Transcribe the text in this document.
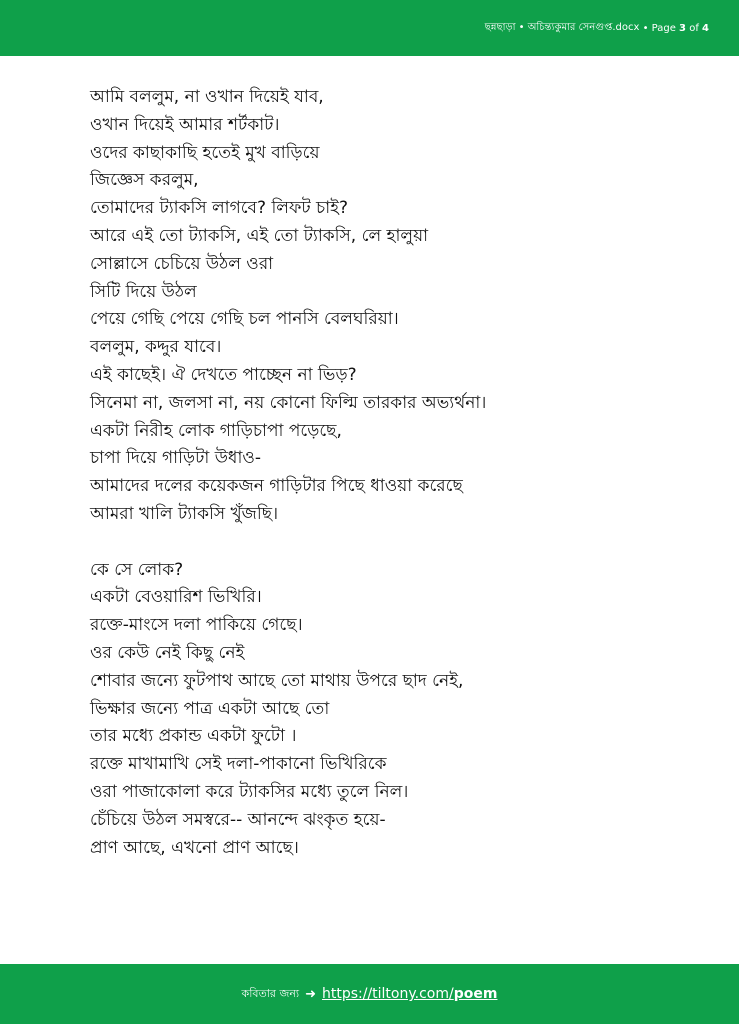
ছন্নছাড়া • অচিন্ত্যকুমার সেনগুপ্ত.docx
• Page
3
of
4
আমি বললুম, না ওখান দিয়েই যাব,
ওখান দিয়েই আমার শর্টকাট।
ওদের কাছাকাছি হতেই মুখ বাড়িয়ে
জিজ্ঞেস করলুম,
তোমাদের ট্যাকসি লাগবে? লিফট চাই?
আরে এই তো ট্যাকসি, এই তো ট্যাকসি, লে হালুয়া
সোল্লাসে চেচিয়ে উঠল ওরা
সিটি দিয়ে উঠল
পেয়ে গেছি পেয়ে গেছি চল পানসি বেলঘরিয়া।
বললুম, কদ্দুর যাবে।
এই কাছেই। ঐ দেখতে পাচ্ছেন না ভিড়?
সিনেমা না, জলসা না, নয় কোনো ফিল্মি তারকার অভ্যর্থনা।
একটা নিরীহ লোক গাড়িচাপা পড়েছে,
চাপা দিয়ে গাড়িটা উধাও-
আমাদের দলের কয়েকজন গাড়িটার পিছে ধাওয়া করেছে
আমরা খালি ট্যাকসি খুঁজছি।
কে সে লোক?
একটা বেওয়ারিশ ভিখিরি।
রক্তে-মাংসে দলা পাকিয়ে গেছে।
ওর কেউ নেই কিছু নেই
শোবার জন্যে ফুটপাথ আছে তো মাথায় উপরে ছাদ নেই,
ভিক্ষার জন্যে পাত্র একটা আছে তো
তার মধ্যে প্রকান্ড একটা ফুটো ।
রক্তে মাখামাখি সেই দলা-পাকানো ভিখিরিকে
ওরা পাজাকোলা করে ট্যাকসির মধ্যে তুলে নিল।
চেঁচিয়ে উঠল সমস্বরে-- আনন্দে ঝংকৃত হয়ে-
প্রাণ আছে, এখনো প্রাণ আছে।
কবিতার জন্য ➜ https://tiltony.com/poem
